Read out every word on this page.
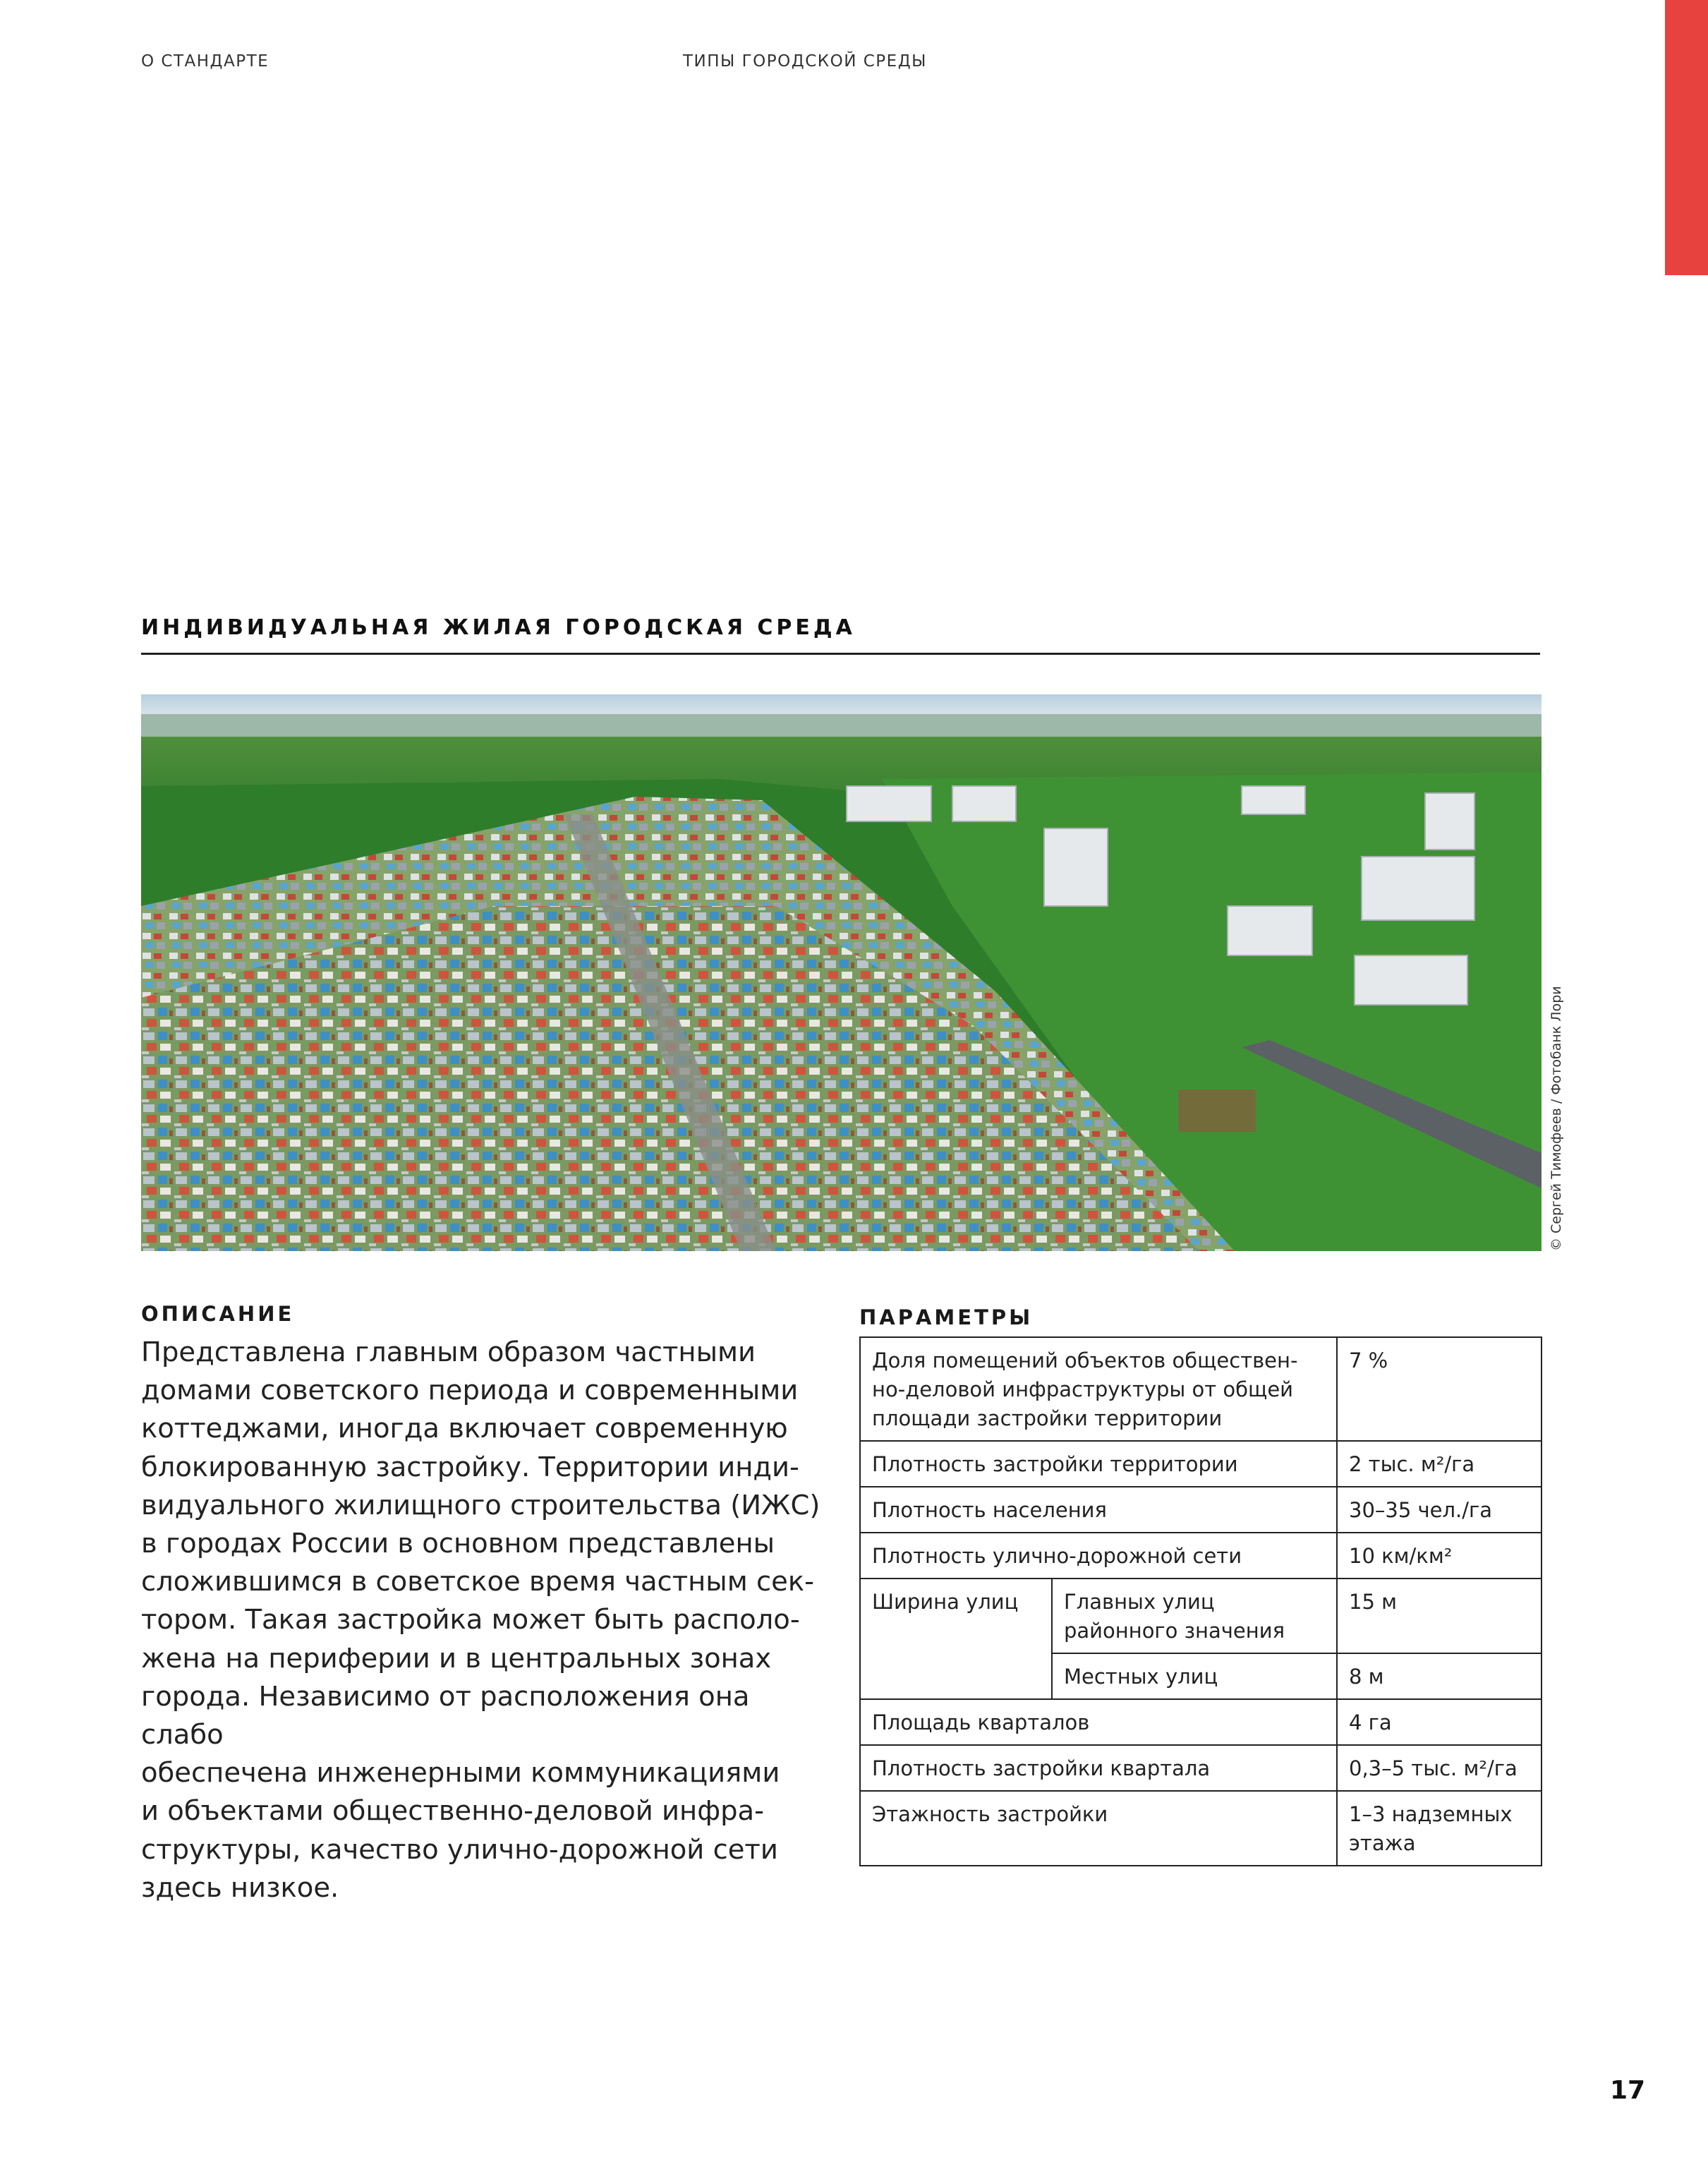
О СТАНДАРТЕ	ТИПЫ ГОРОДСКОЙ СРЕДЫ
ИНДИВИДУАЛЬНАЯ ЖИЛАЯ ГОРОДСКАЯ СРЕДА
© Сергей Тимофеев / Фотобанк Лори
ОПИСАНИЕ
Представлена главным образом частными
домами советского периода и современными
коттеджами, иногда включает современную
блокированную застройку. Территории инди-
видуального жилищного строительства (ИЖС)
в городах России в основном представлены
сложившимся в советское время частным сек-
тором. Такая застройка может быть располо-
жена на периферии и в центральных зонах
города. Независимо от расположения она слабо
обеспечена инженерными коммуникациями
и объектами общественно-деловой инфра-
структуры, качество улично-дорожной сети
здесь низкое.
ПАРАМЕТРЫ
Доля помещений объектов обществен-
но-деловой инфраструктуры от общей
площади застройки территории		7 %
Плотность застройки территории		2 тыс. м²/га
Плотность населения		30–35 чел./га
Плотность улично-дорожной сети		10 км/км²
Ширина улиц	Главных улиц
районного значения	15 м
	Местных улиц	8 м
Площадь кварталов		4 га
Плотность застройки квартала		0,3–5 тыс. м²/га
Этажность застройки		1–3 надземных
этажа
17
